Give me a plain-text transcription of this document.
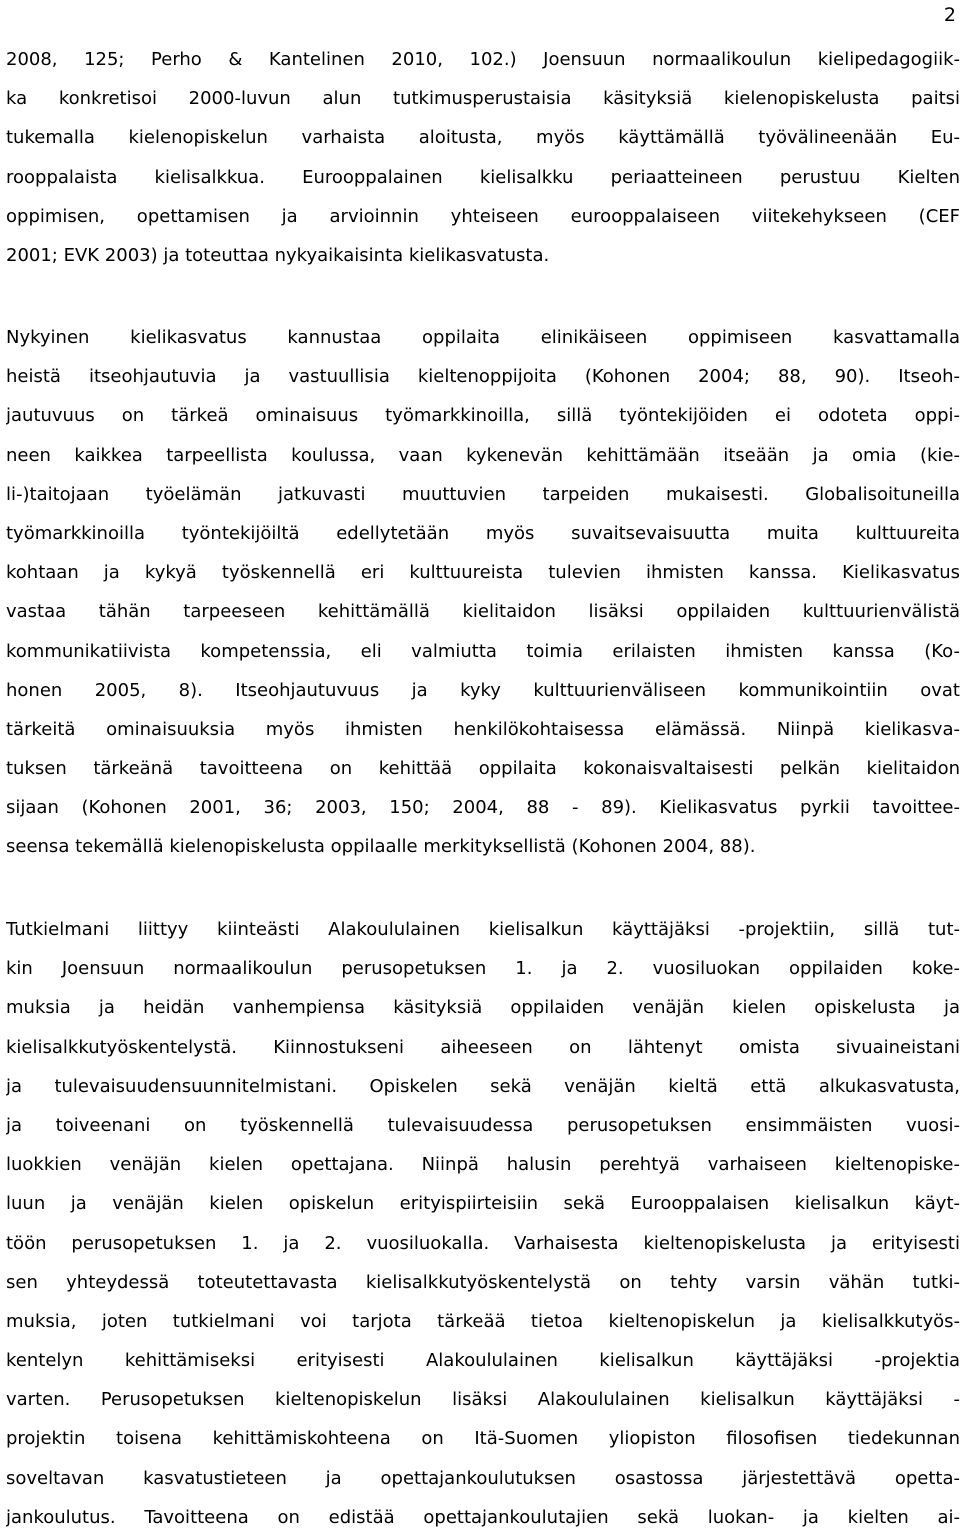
2
2008, 125; Perho & Kantelinen 2010, 102.) Joensuun normaalikoulun kielipedagogiik-
ka konkretisoi 2000-luvun alun tutkimusperustaisia käsityksiä kielenopiskelusta paitsi
tukemalla kielenopiskelun varhaista aloitusta, myös käyttämällä työvälineenään Eu-
rooppalaista kielisalkkua. Eurooppalainen kielisalkku periaatteineen perustuu Kielten
oppimisen, opettamisen ja arvioinnin yhteiseen eurooppalaiseen viitekehykseen (CEF
2001; EVK 2003) ja toteuttaa nykyaikaisinta kielikasvatusta.
Nykyinen kielikasvatus kannustaa oppilaita elinikäiseen oppimiseen kasvattamalla
heistä itseohjautuvia ja vastuullisia kieltenoppijoita (Kohonen 2004; 88, 90). Itseoh-
jautuvuus on tärkeä ominaisuus työmarkkinoilla, sillä työntekijöiden ei odoteta oppi-
neen kaikkea tarpeellista koulussa, vaan kykenevän kehittämään itseään ja omia (kie-
li-)taitojaan työelämän jatkuvasti muuttuvien tarpeiden mukaisesti. Globalisoituneilla
työmarkkinoilla työntekijöiltä edellytetään myös suvaitsevaisuutta muita kulttuureita
kohtaan ja kykyä työskennellä eri kulttuureista tulevien ihmisten kanssa. Kielikasvatus
vastaa tähän tarpeeseen kehittämällä kielitaidon lisäksi oppilaiden kulttuurienvälistä
kommunikatiivista kompetenssia, eli valmiutta toimia erilaisten ihmisten kanssa (Ko-
honen 2005, 8). Itseohjautuvuus ja kyky kulttuurienväliseen kommunikointiin ovat
tärkeitä ominaisuuksia myös ihmisten henkilökohtaisessa elämässä. Niinpä kielikasva-
tuksen tärkeänä tavoitteena on kehittää oppilaita kokonaisvaltaisesti pelkän kielitaidon
sijaan (Kohonen 2001, 36; 2003, 150; 2004, 88 - 89). Kielikasvatus pyrkii tavoittee-
seensa tekemällä kielenopiskelusta oppilaalle merkityksellistä (Kohonen 2004, 88).
Tutkielmani liittyy kiinteästi Alakoululainen kielisalkun käyttäjäksi -projektiin, sillä tut-
kin Joensuun normaalikoulun perusopetuksen 1. ja 2. vuosiluokan oppilaiden koke-
muksia ja heidän vanhempiensa käsityksiä oppilaiden venäjän kielen opiskelusta ja
kielisalkkutyöskentelystä. Kiinnostukseni aiheeseen on lähtenyt omista sivuaineistani
ja tulevaisuudensuunnitelmistani. Opiskelen sekä venäjän kieltä että alkukasvatusta,
ja toiveenani on työskennellä tulevaisuudessa perusopetuksen ensimmäisten vuosi-
luokkien venäjän kielen opettajana. Niinpä halusin perehtyä varhaiseen kieltenopiske-
luun ja venäjän kielen opiskelun erityispiirteisiin sekä Eurooppalaisen kielisalkun käyt-
töön perusopetuksen 1. ja 2. vuosiluokalla. Varhaisesta kieltenopiskelusta ja erityisesti
sen yhteydessä toteutettavasta kielisalkkutyöskentelystä on tehty varsin vähän tutki-
muksia, joten tutkielmani voi tarjota tärkeää tietoa kieltenopiskelun ja kielisalkkutyös-
kentelyn kehittämiseksi erityisesti Alakoululainen kielisalkun käyttäjäksi -projektia
varten. Perusopetuksen kieltenopiskelun lisäksi Alakoululainen kielisalkun käyttäjäksi -
projektin toisena kehittämiskohteena on Itä-Suomen yliopiston filosofisen tiedekunnan
soveltavan kasvatustieteen ja opettajankoulutuksen osastossa järjestettävä opetta-
jankoulutus. Tavoitteena on edistää opettajankoulutajien sekä luokan- ja kielten ai-
